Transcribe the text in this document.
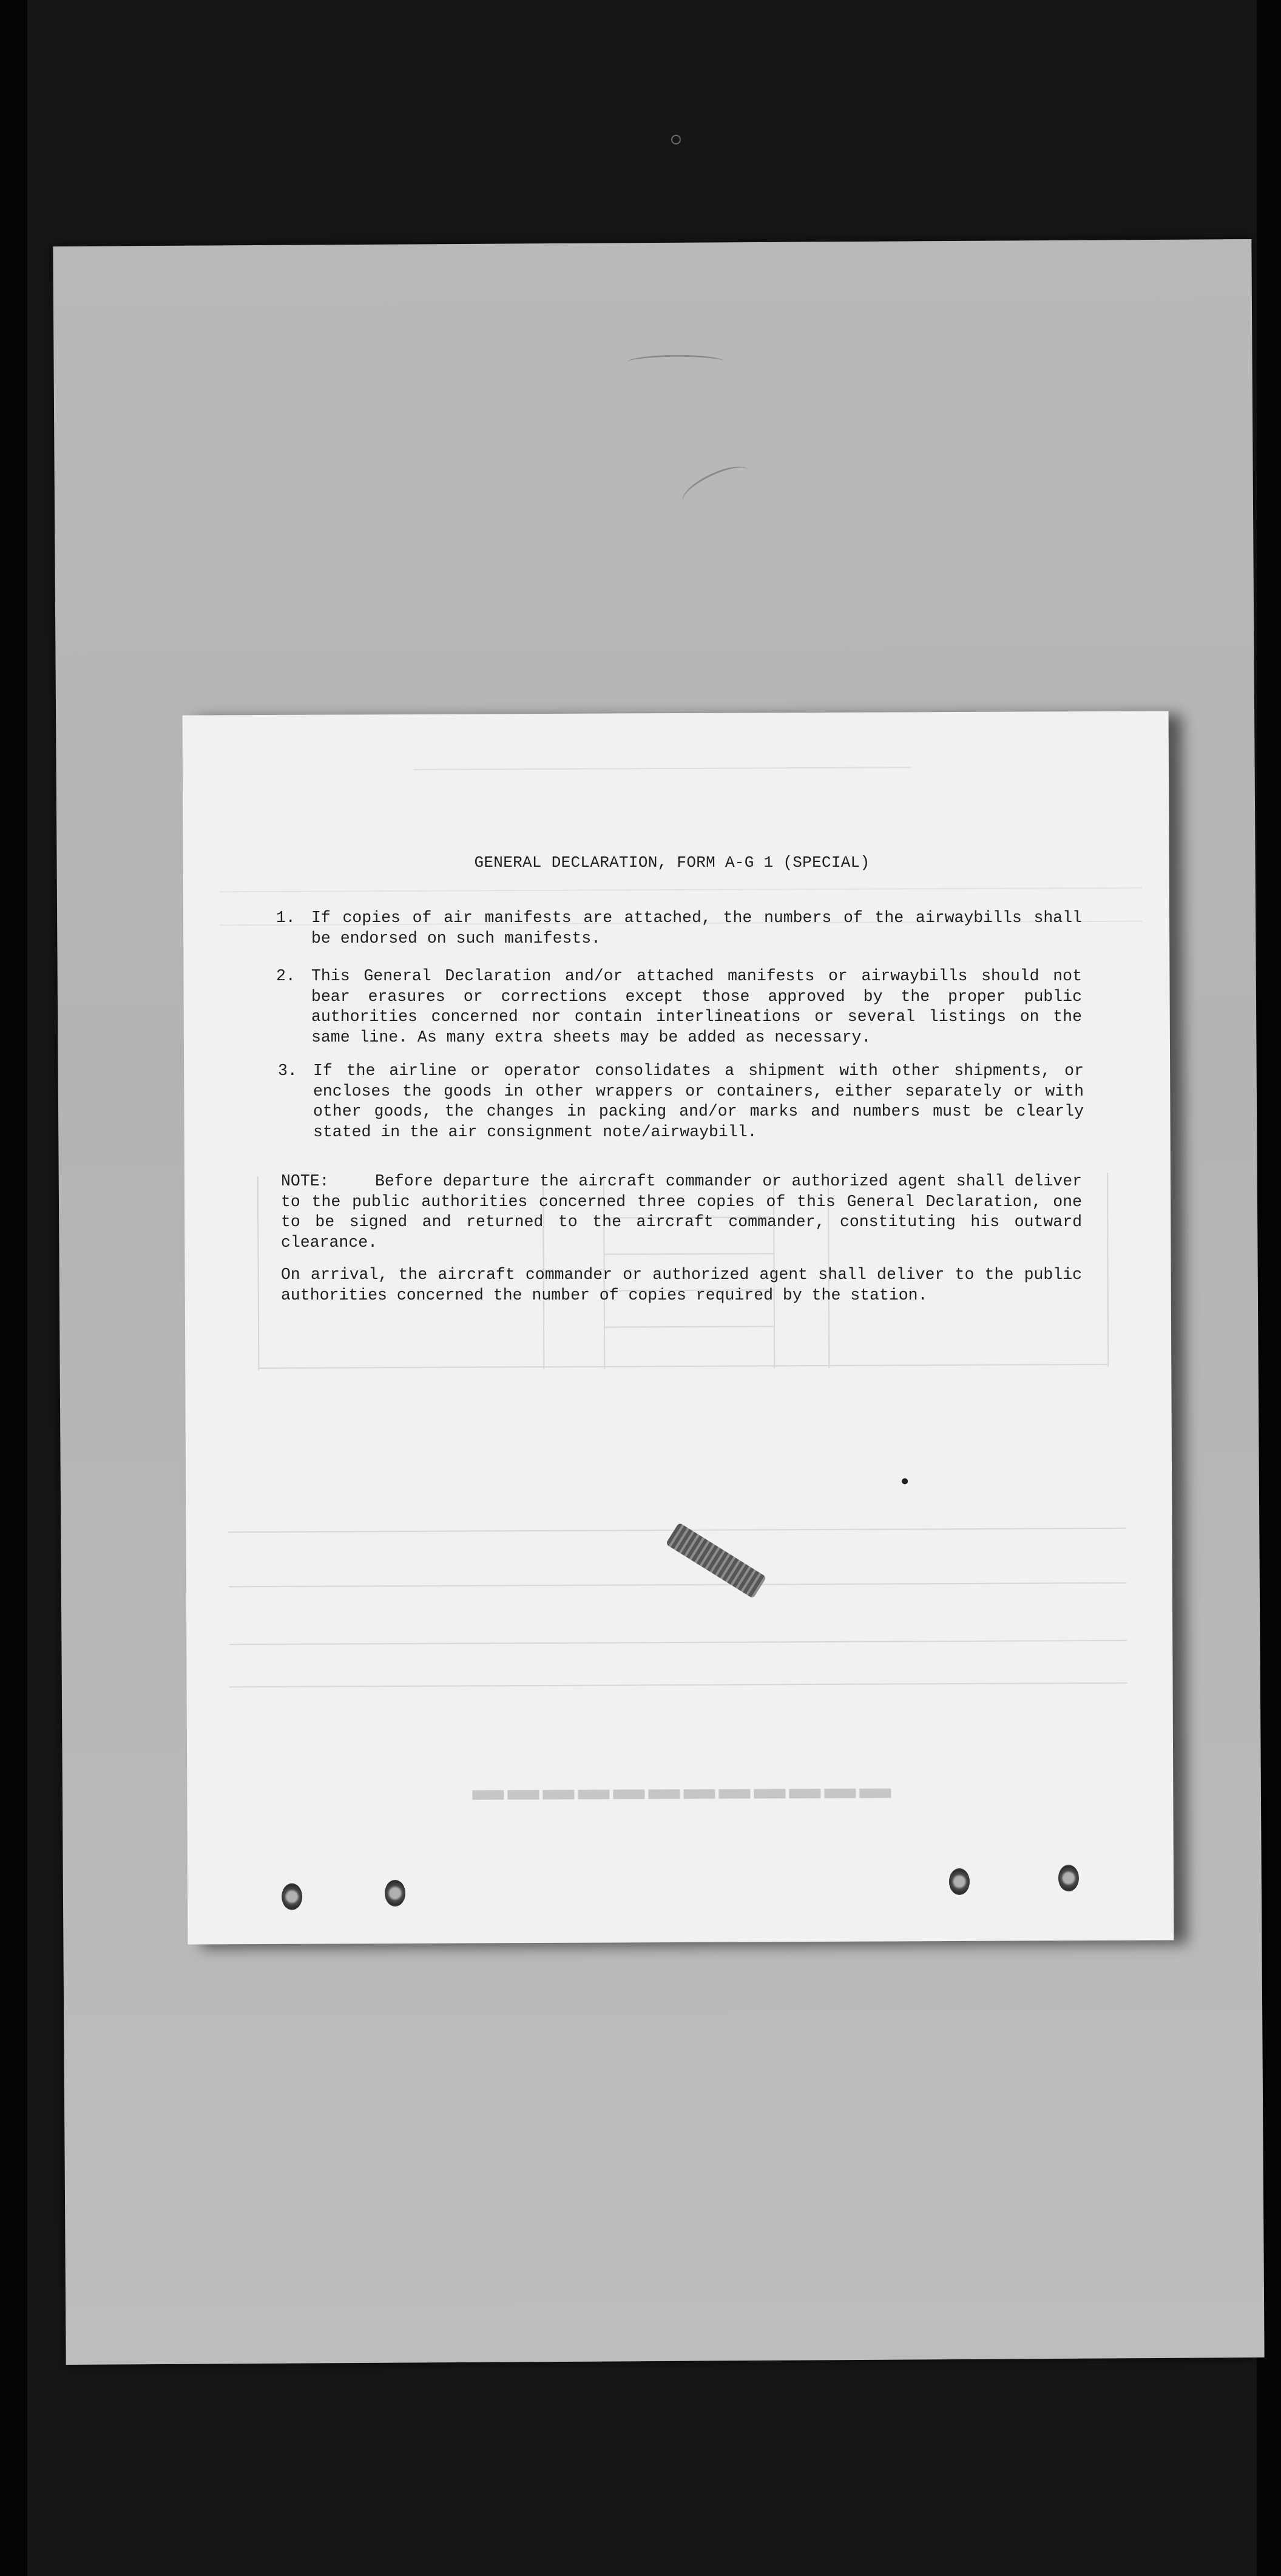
▬▬▬▬▬▬▬▬▬▬▬▬
GENERAL DECLARATION, FORM A-G 1 (SPECIAL)
1. If copies of air manifests are attached, the numbers of the airwaybills shall be endorsed on such manifests.
2. This General Declaration and/or attached manifests or airwaybills should not bear erasures or corrections except those approved by the proper public authorities concerned nor contain interlineations or several listings on the same line. As many extra sheets may be added as necessary.
3. If the airline or operator consolidates a shipment with other shipments, or encloses the goods in other wrappers or containers, either separately or with other goods, the changes in packing and/or marks and numbers must be clearly stated in the air consignment note/airwaybill.
NOTE:	Before departure the aircraft commander or authorized agent shall deliver to the public authorities concerned three copies of this General Declaration, one to be signed and returned to the aircraft commander, constituting his outward clearance.
On arrival, the aircraft commander or authorized agent shall deliver to the public authorities concerned the number of copies required by the station.
